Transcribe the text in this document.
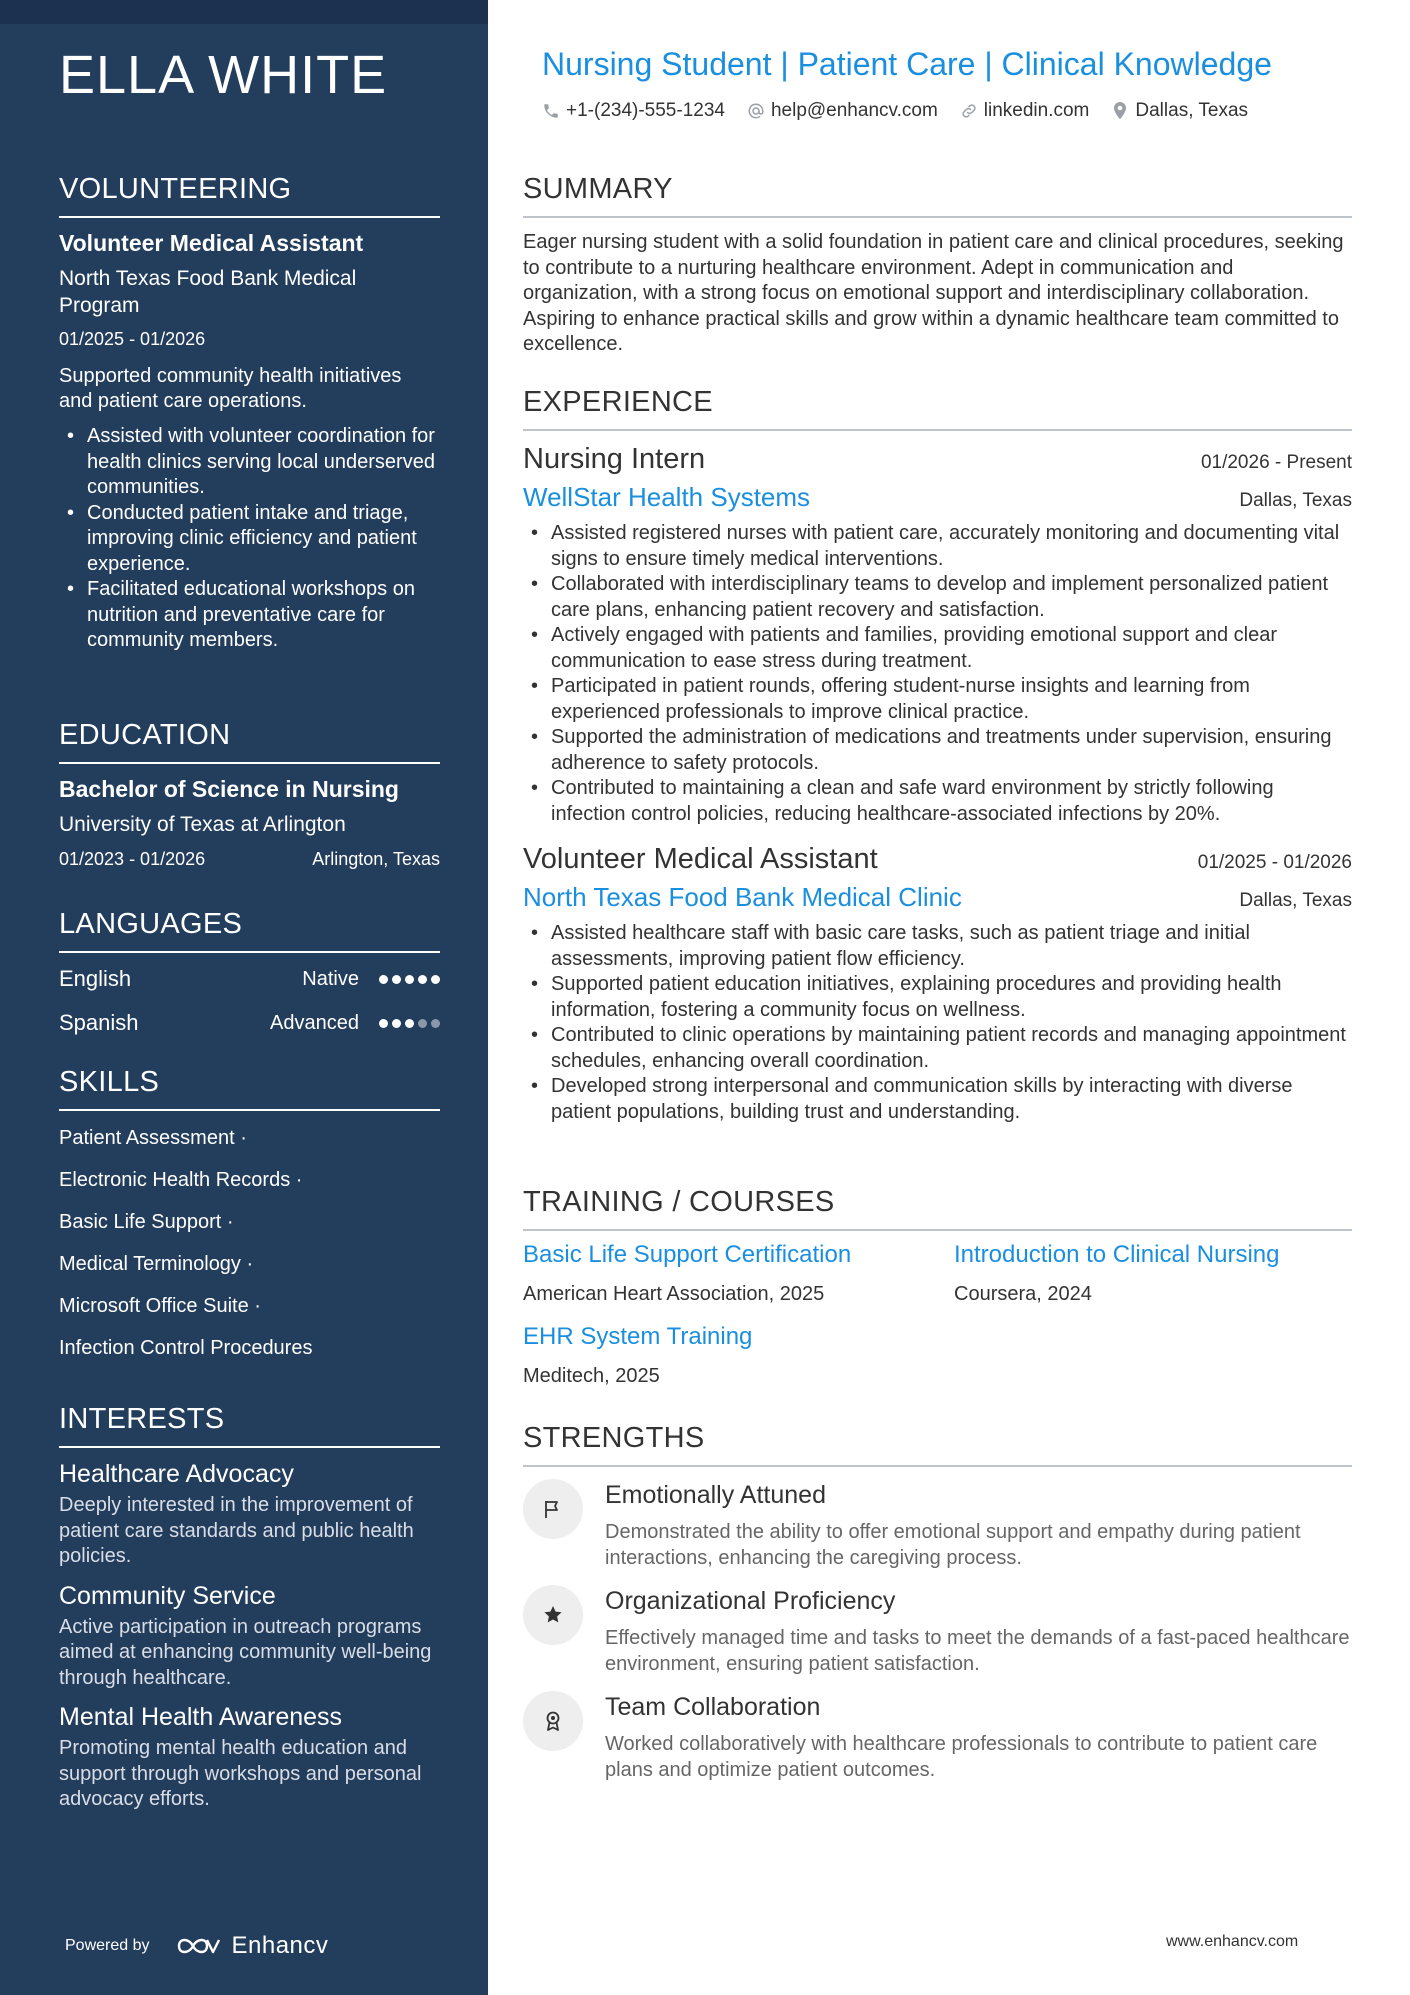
ELLA WHITE
VOLUNTEERING
Volunteer Medical Assistant
North Texas Food Bank Medical Program
01/2025 - 01/2026
Supported community health initiatives and patient care operations.
• Assisted with volunteer coordination for health clinics serving local underserved communities.
• Conducted patient intake and triage, improving clinic efficiency and patient experience.
• Facilitated educational workshops on nutrition and preventative care for community members.
EDUCATION
Bachelor of Science in Nursing
University of Texas at Arlington
01/2023 - 01/2026	Arlington, Texas
LANGUAGES
English	Native
Spanish	Advanced
SKILLS
Patient Assessment ·
Electronic Health Records ·
Basic Life Support ·
Medical Terminology ·
Microsoft Office Suite ·
Infection Control Procedures
INTERESTS
Healthcare Advocacy
Deeply interested in the improvement of patient care standards and public health policies.
Community Service
Active participation in outreach programs aimed at enhancing community well-being through healthcare.
Mental Health Awareness
Promoting mental health education and support through workshops and personal advocacy efforts.
Powered by	Enhancv
Nursing Student | Patient Care | Clinical Knowledge
+1-(234)-555-1234 help@enhancv.com linkedin.com Dallas, Texas
SUMMARY
Eager nursing student with a solid foundation in patient care and clinical procedures, seeking to contribute to a nurturing healthcare environment. Adept in communication and organization, with a strong focus on emotional support and interdisciplinary collaboration. Aspiring to enhance practical skills and grow within a dynamic healthcare team committed to excellence.
EXPERIENCE
Nursing Intern	01/2026 - Present
WellStar Health Systems	Dallas, Texas
• Assisted registered nurses with patient care, accurately monitoring and documenting vital signs to ensure timely medical interventions.
• Collaborated with interdisciplinary teams to develop and implement personalized patient care plans, enhancing patient recovery and satisfaction.
• Actively engaged with patients and families, providing emotional support and clear communication to ease stress during treatment.
• Participated in patient rounds, offering student-nurse insights and learning from experienced professionals to improve clinical practice.
• Supported the administration of medications and treatments under supervision, ensuring adherence to safety protocols.
• Contributed to maintaining a clean and safe ward environment by strictly following infection control policies, reducing healthcare-associated infections by 20%.
Volunteer Medical Assistant	01/2025 - 01/2026
North Texas Food Bank Medical Clinic	Dallas, Texas
• Assisted healthcare staff with basic care tasks, such as patient triage and initial assessments, improving patient flow efficiency.
• Supported patient education initiatives, explaining procedures and providing health information, fostering a community focus on wellness.
• Contributed to clinic operations by maintaining patient records and managing appointment schedules, enhancing overall coordination.
• Developed strong interpersonal and communication skills by interacting with diverse patient populations, building trust and understanding.
TRAINING / COURSES
Basic Life Support Certification
American Heart Association, 2025
Introduction to Clinical Nursing
Coursera, 2024
EHR System Training
Meditech, 2025
STRENGTHS
Emotionally Attuned
Demonstrated the ability to offer emotional support and empathy during patient interactions, enhancing the caregiving process.
Organizational Proficiency
Effectively managed time and tasks to meet the demands of a fast-paced healthcare environment, ensuring patient satisfaction.
Team Collaboration
Worked collaboratively with healthcare professionals to contribute to patient care plans and optimize patient outcomes.
www.enhancv.com
